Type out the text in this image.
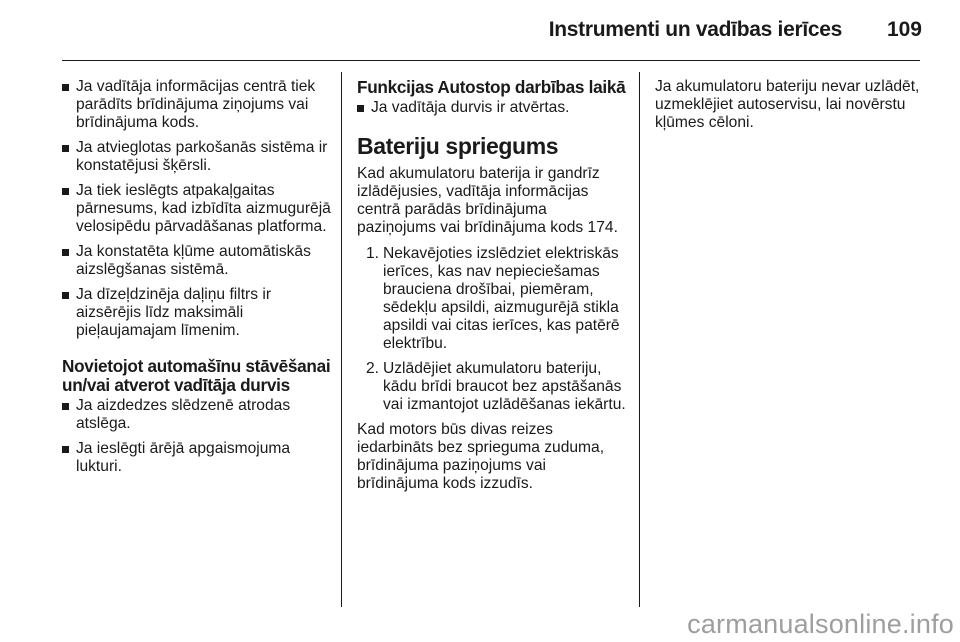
Instrumenti un vadības ierīces 109
Ja vadītāja informācijas centrā tiek parādīts brīdinājuma ziņojums vai brīdinājuma kods.
Ja atvieglotas parkošanās sistēma ir konstatējusi šķērsli.
Ja tiek ieslēgts atpakaļgaitas pārnesums, kad izbīdīta aizmugurējā velosipēdu pārvadāšanas platforma.
Ja konstatēta kļūme automātiskās aizslēgšanas sistēmā.
Ja dīzeļdzinēja daļiņu filtrs ir aizsērējis līdz maksimāli pieļaujamajam līmenim.
Novietojot automašīnu stāvēšanai un/vai atverot vadītāja durvis
Ja aizdedzes slēdzenē atrodas atslēga.
Ja ieslēgti ārējā apgaismojuma lukturi.
Funkcijas Autostop darbības laikā
Ja vadītāja durvis ir atvērtas.
Bateriju spriegums

Kad akumulatoru baterija ir gandrīz izlādējusies, vadītāja informācijas centrā parādās brīdinājuma paziņojums vai brīdinājuma kods 174.

1. Nekavējoties izslēdziet elektriskās ierīces, kas nav nepieciešamas brauciena drošībai, piemēram, sēdekļu apsildi, aizmugurējā stikla apsildi vai citas ierīces, kas patērē elektrību.
2. Uzlādējiet akumulatoru bateriju, kādu brīdi braucot bez apstāšanās vai izmantojot uzlādēšanas iekārtu.

Kad motors būs divas reizes iedarbināts bez sprieguma zuduma, brīdinājuma paziņojums vai brīdinājuma kods izzudīs.

Ja akumulatoru bateriju nevar uzlādēt, uzmeklējiet autoservisu, lai novērstu kļūmes cēloni.

carmanualsonline.info
